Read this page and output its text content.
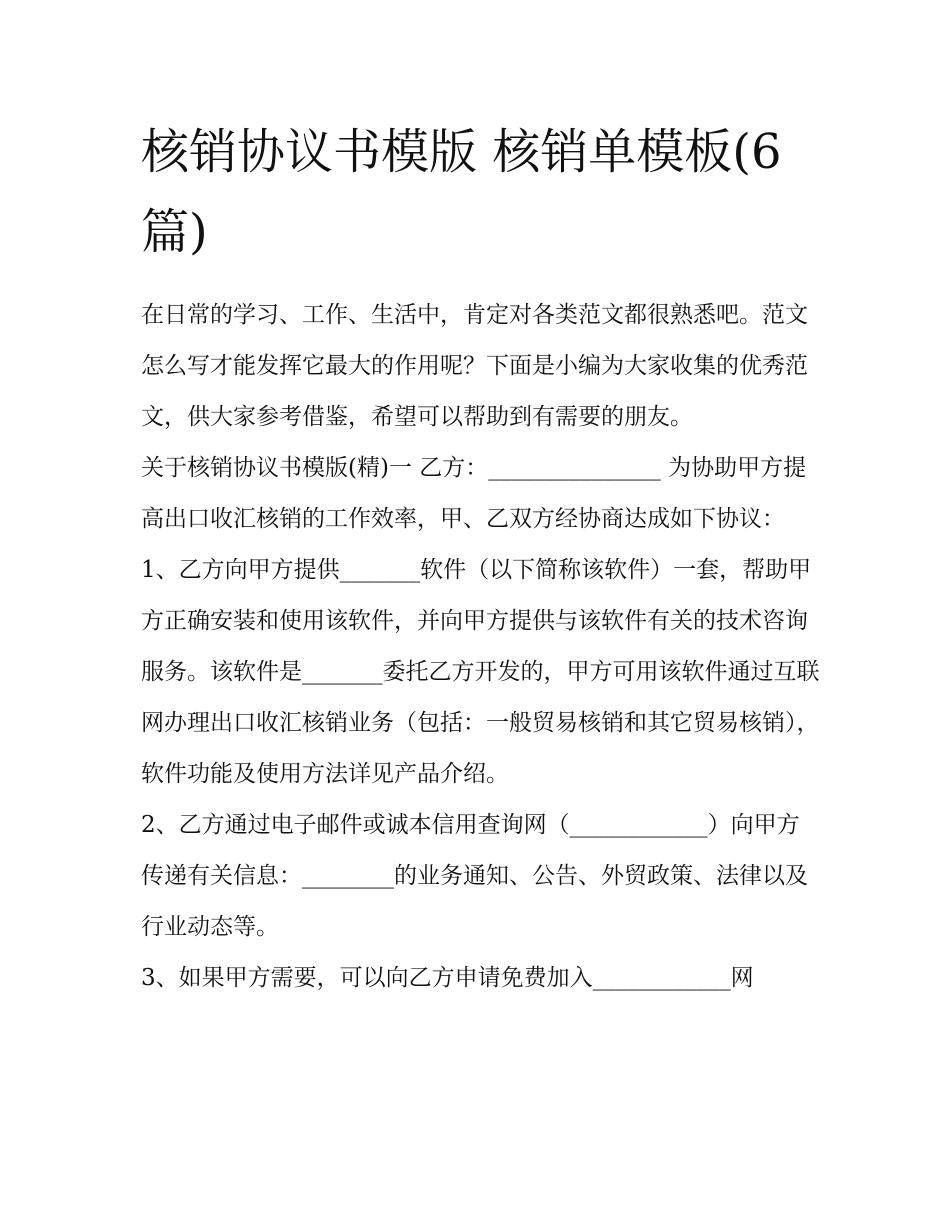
核销协议书模版 核销单模板(6篇)

在日常的学习、工作、生活中，肯定对各类范文都很熟悉吧。范文怎么写才能发挥它最大的作用呢？下面是小编为大家收集的优秀范文，供大家参考借鉴，希望可以帮助到有需要的朋友。

关于核销协议书模版(精)一 乙方：_______________ 为协助甲方提高出口收汇核销的工作效率，甲、乙双方经协商达成如下协议：

1、乙方向甲方提供_______软件（以下简称该软件）一套，帮助甲方正确安装和使用该软件，并向甲方提供与该软件有关的技术咨询服务。该软件是_______委托乙方开发的，甲方可用该软件通过互联网办理出口收汇核销业务（包括：一般贸易核销和其它贸易核销），软件功能及使用方法详见产品介绍。

2、乙方通过电子邮件或诚本信用查询网（____________）向甲方传递有关信息：________的业务通知、公告、外贸政策、法律以及行业动态等。

3、如果甲方需要，可以向乙方申请免费加入____________网
